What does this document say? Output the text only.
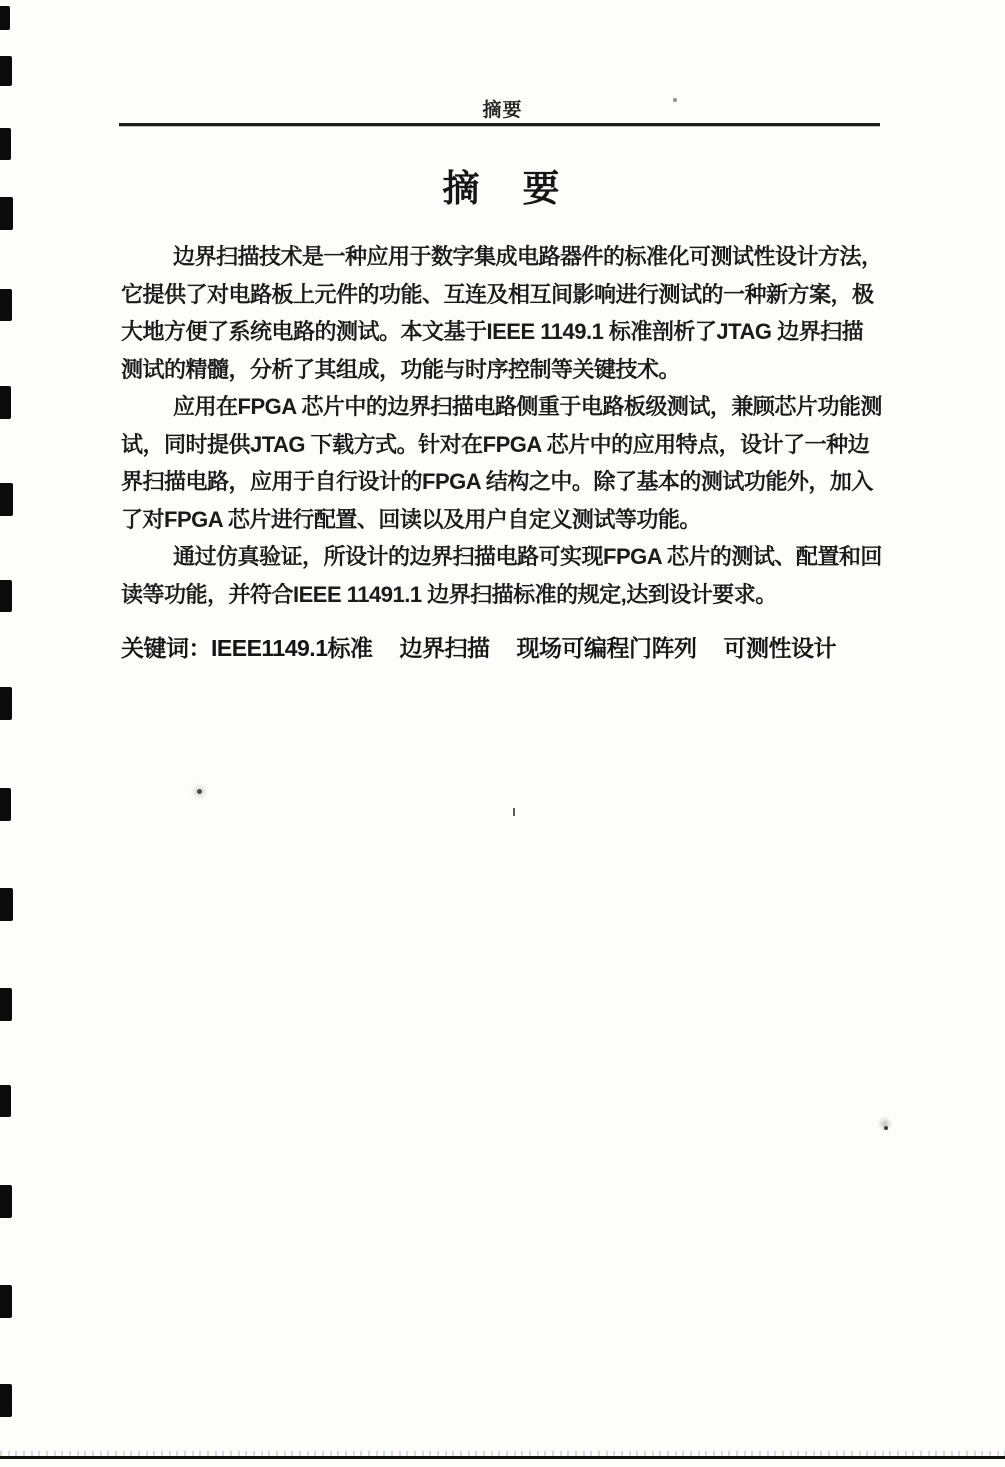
摘要
摘　要
边界扫描技术是一种应用于数字集成电路器件的标准化可测试性设计方法，
它提供了对电路板上元件的功能、互连及相互间影响进行测试的一种新方案，极
大地方便了系统电路的测试。本文基于IEEE 1149.1 标准剖析了JTAG 边界扫描
测试的精髓，分析了其组成，功能与时序控制等关键技术。
应用在FPGA 芯片中的边界扫描电路侧重于电路板级测试，兼顾芯片功能测
试，同时提供JTAG 下载方式。针对在FPGA 芯片中的应用特点，设计了一种边
界扫描电路，应用于自行设计的FPGA 结构之中。除了基本的测试功能外，加入
了对FPGA 芯片进行配置、回读以及用户自定义测试等功能。
通过仿真验证，所设计的边界扫描电路可实现FPGA 芯片的测试、配置和回
读等功能，并符合IEEE 11491.1 边界扫描标准的规定,达到设计要求。
关键词：IEEE1149.1标准 边界扫描 现场可编程门阵列 可测性设计
